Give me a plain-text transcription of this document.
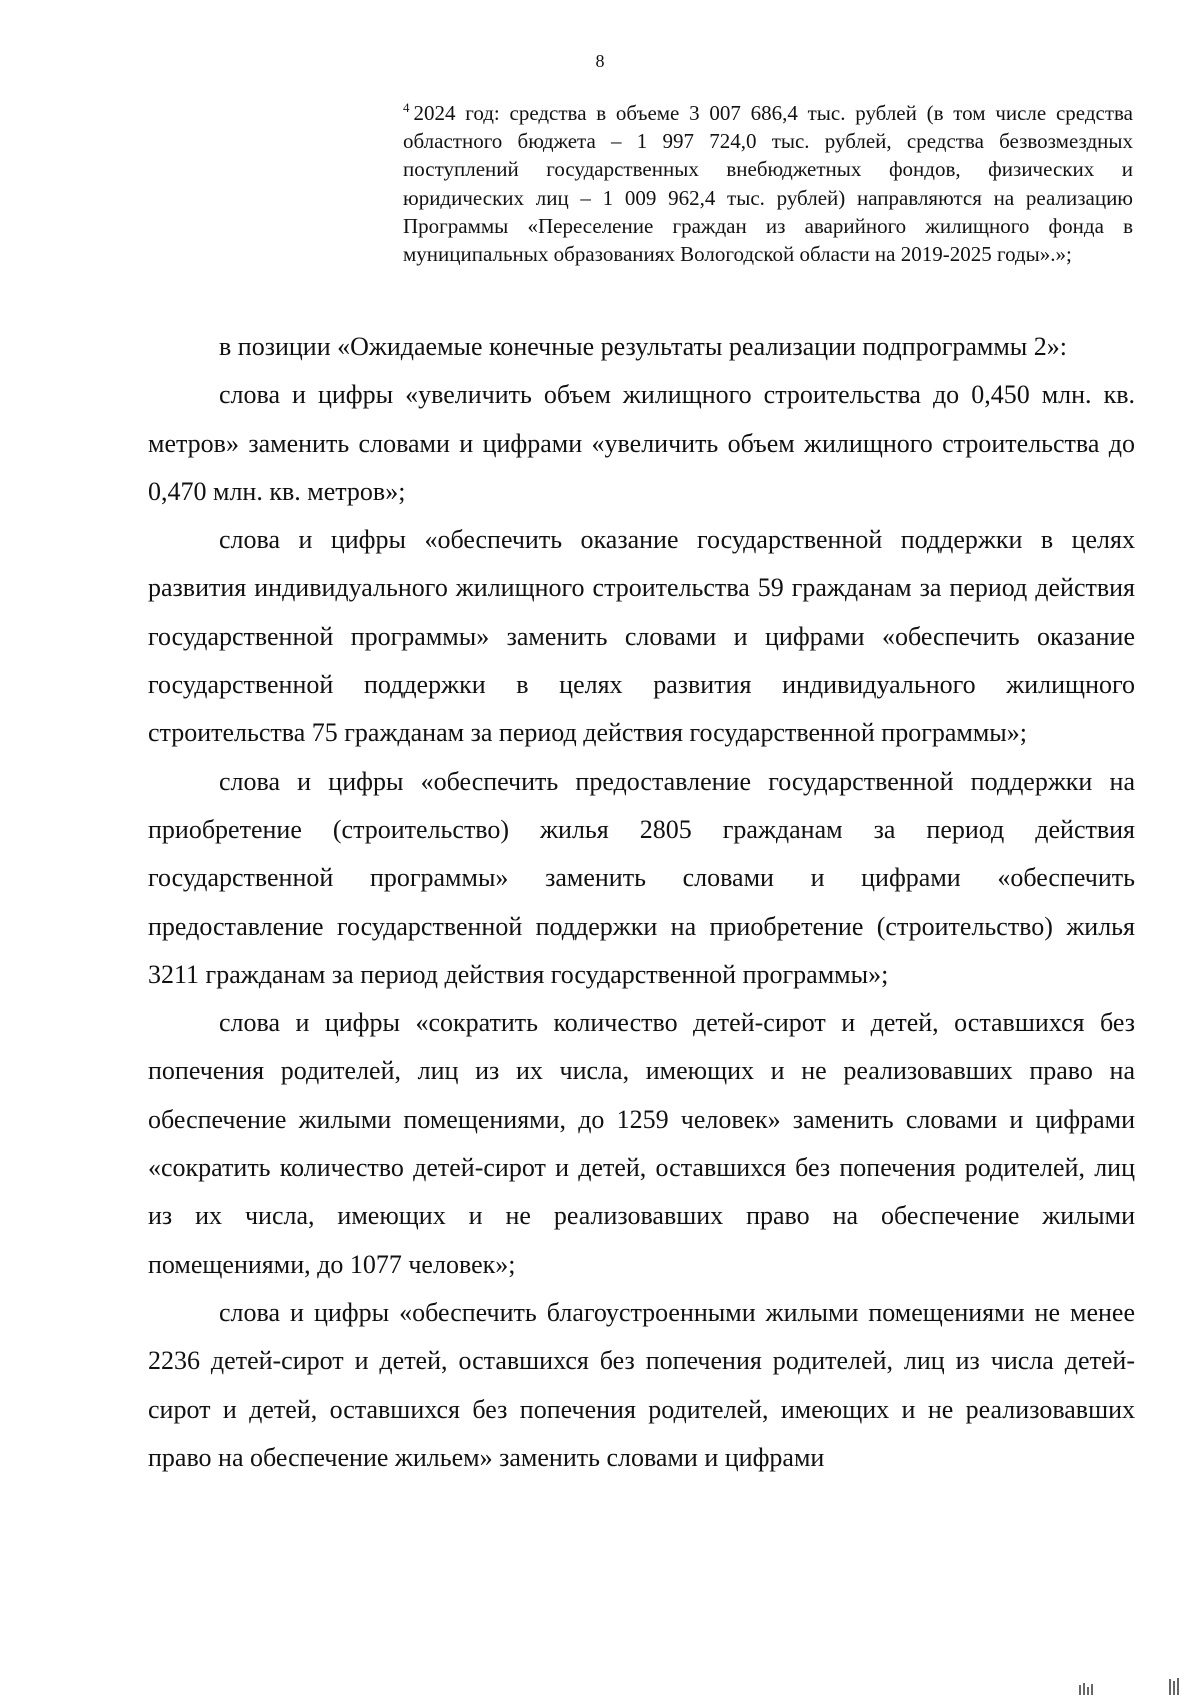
8
$^4$ 2024 год: средства в объеме 3 007 686,4 тыс. рублей (в том числе средства областного бюджета – 1 997 724,0 тыс. рублей, средства безвозмездных поступлений государственных внебюджетных фондов, физических и юридических лиц – 1 009 962,4 тыс. рублей) направляются на реализацию Программы «Переселение граждан из аварийного жилищного фонда в муниципальных образованиях Вологодской области на 2019-2025 годы».»;

в позиции «Ожидаемые конечные результаты реализации подпрограммы 2»:

слова и цифры «увеличить объем жилищного строительства до 0,450 млн. кв. метров» заменить словами и цифрами «увеличить объем жилищного строительства до 0,470 млн. кв. метров»;

слова и цифры «обеспечить оказание государственной поддержки в целях развития индивидуального жилищного строительства 59 гражданам за период действия государственной программы» заменить словами и цифрами «обеспечить оказание государственной поддержки в целях развития индивидуального жилищного строительства 75 гражданам за период действия государственной программы»;

слова и цифры «обеспечить предоставление государственной поддержки на приобретение (строительство) жилья 2805 гражданам за период действия государственной программы» заменить словами и цифрами «обеспечить предоставление государственной поддержки на приобретение (строительство) жилья 3211 гражданам за период действия государственной программы»;

слова и цифры «сократить количество детей-сирот и детей, оставшихся без попечения родителей, лиц из их числа, имеющих и не реализовавших право на обеспечение жилыми помещениями, до 1259 человек» заменить словами и цифрами «сократить количество детей-сирот и детей, оставшихся без попечения родителей, лиц из их числа, имеющих и не реализовавших право на обеспечение жилыми помещениями, до 1077 человек»;

слова и цифры «обеспечить благоустроенными жилыми помещениями не менее 2236 детей-сирот и детей, оставшихся без попечения родителей, лиц из числа детей-сирот и детей, оставшихся без попечения родителей, имеющих и не реализовавших право на обеспечение жильем» заменить словами и цифрами
